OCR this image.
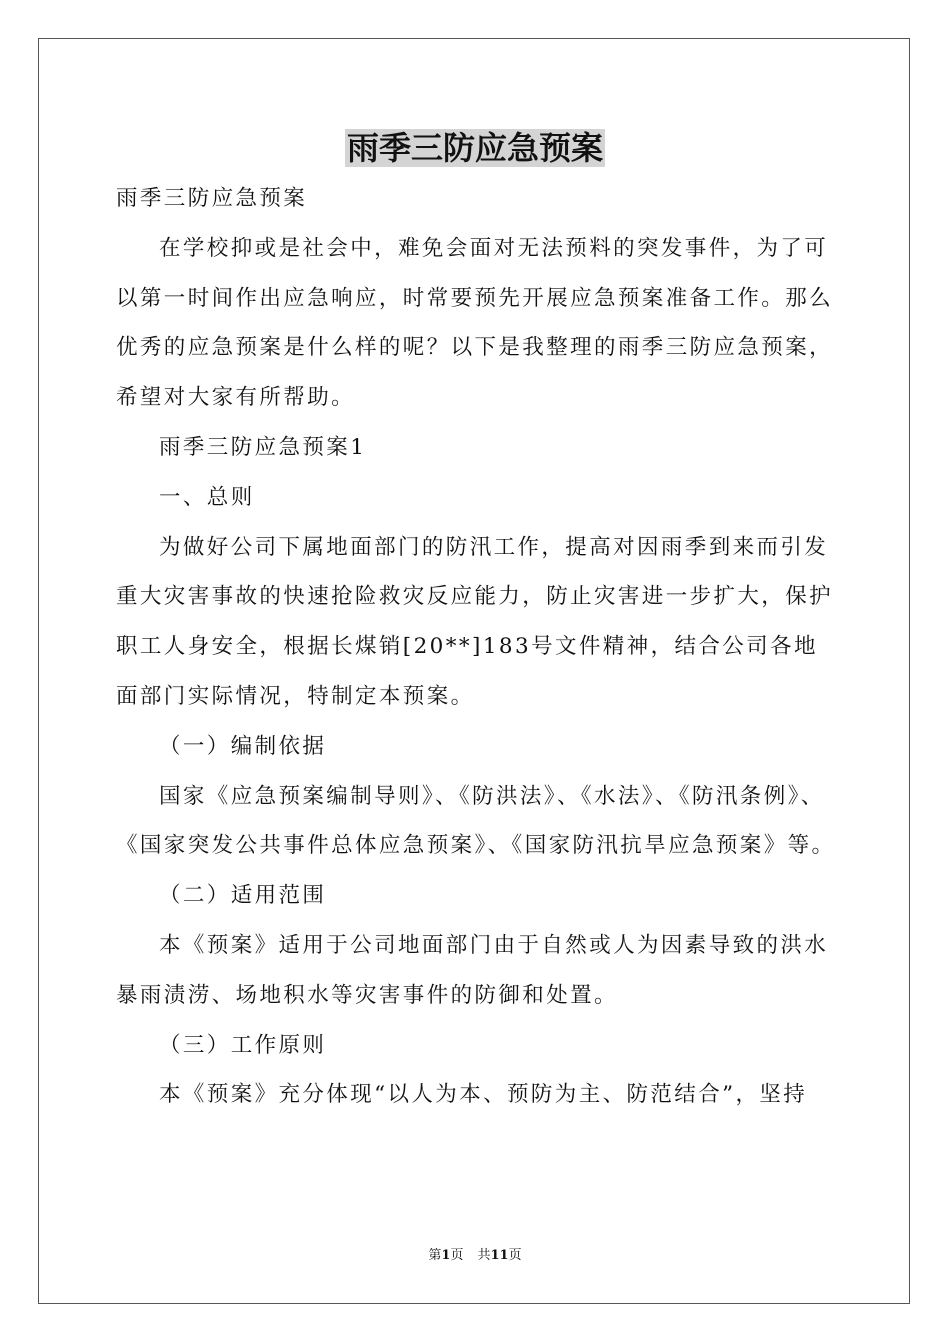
雨季三防应急预案

雨季三防应急预案

在学校抑或是社会中，难免会面对无法预料的突发事件，为了可以第一时间作出应急响应，时常要预先开展应急预案准备工作。那么优秀的应急预案是什么样的呢？以下是我整理的雨季三防应急预案，希望对大家有所帮助。

雨季三防应急预案1

一、总则

为做好公司下属地面部门的防汛工作，提高对因雨季到来而引发重大灾害事故的快速抢险救灾反应能力，防止灾害进一步扩大，保护职工人身安全，根据长煤销[20**]183号文件精神，结合公司各地面部门实际情况，特制定本预案。

（一）编制依据

国家《应急预案编制导则》、《防洪法》、《水法》、《防汛条例》、《国家突发公共事件总体应急预案》、《国家防汛抗旱应急预案》等。

（二）适用范围

本《预案》适用于公司地面部门由于自然或人为因素导致的洪水暴雨渍涝、场地积水等灾害事件的防御和处置。

（三）工作原则

本《预案》充分体现“以人为本、预防为主、防范结合”，坚持

第1页 共11页
